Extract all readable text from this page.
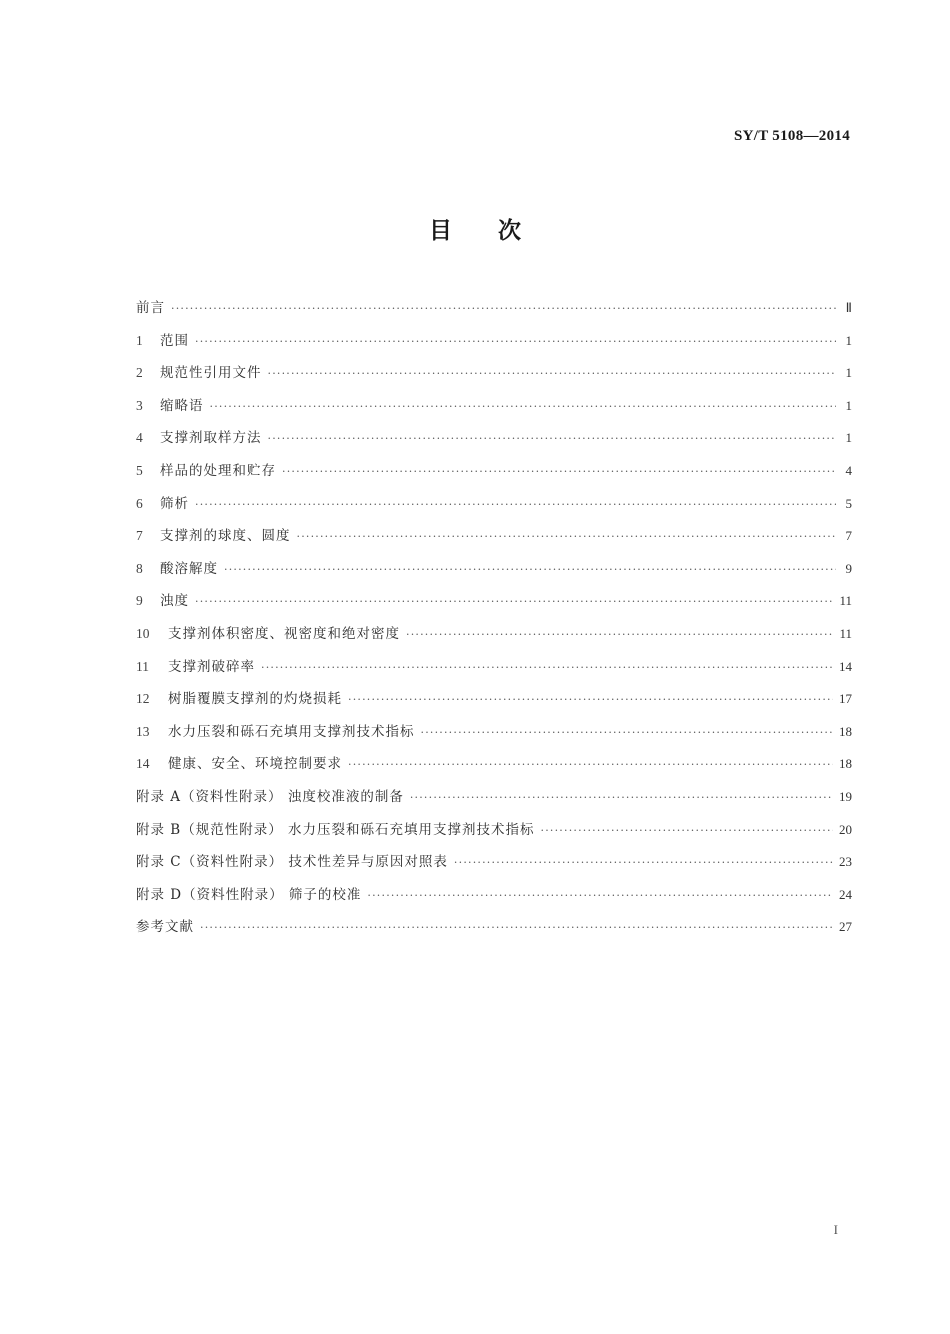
SY/T 5108—2014
目次
前言 ·····	Ⅱ
1	范围 ·····	1
2	规范性引用文件 ·····	1
3	缩略语 ·····	1
4	支撑剂取样方法 ·····	1
5	样品的处理和贮存 ·····	4
6	筛析 ·····	5
7	支撑剂的球度、圆度 ·····	7
8	酸溶解度 ·····	9
9	浊度 ·····	11
10	支撑剂体积密度、视密度和绝对密度 ·····	11
11	支撑剂破碎率 ·····	14
12	树脂覆膜支撑剂的灼烧损耗 ·····	17
13	水力压裂和砾石充填用支撑剂技术指标 ·····	18
14	健康、安全、环境控制要求 ·····	18
附录 A（资料性附录） 浊度校准液的制备 ·····	19
附录 B（规范性附录） 水力压裂和砾石充填用支撑剂技术指标 ·····	20
附录 C（资料性附录） 技术性差异与原因对照表 ·····	23
附录 D（资料性附录） 筛子的校准 ·····	24
参考文献 ·····	27
I
